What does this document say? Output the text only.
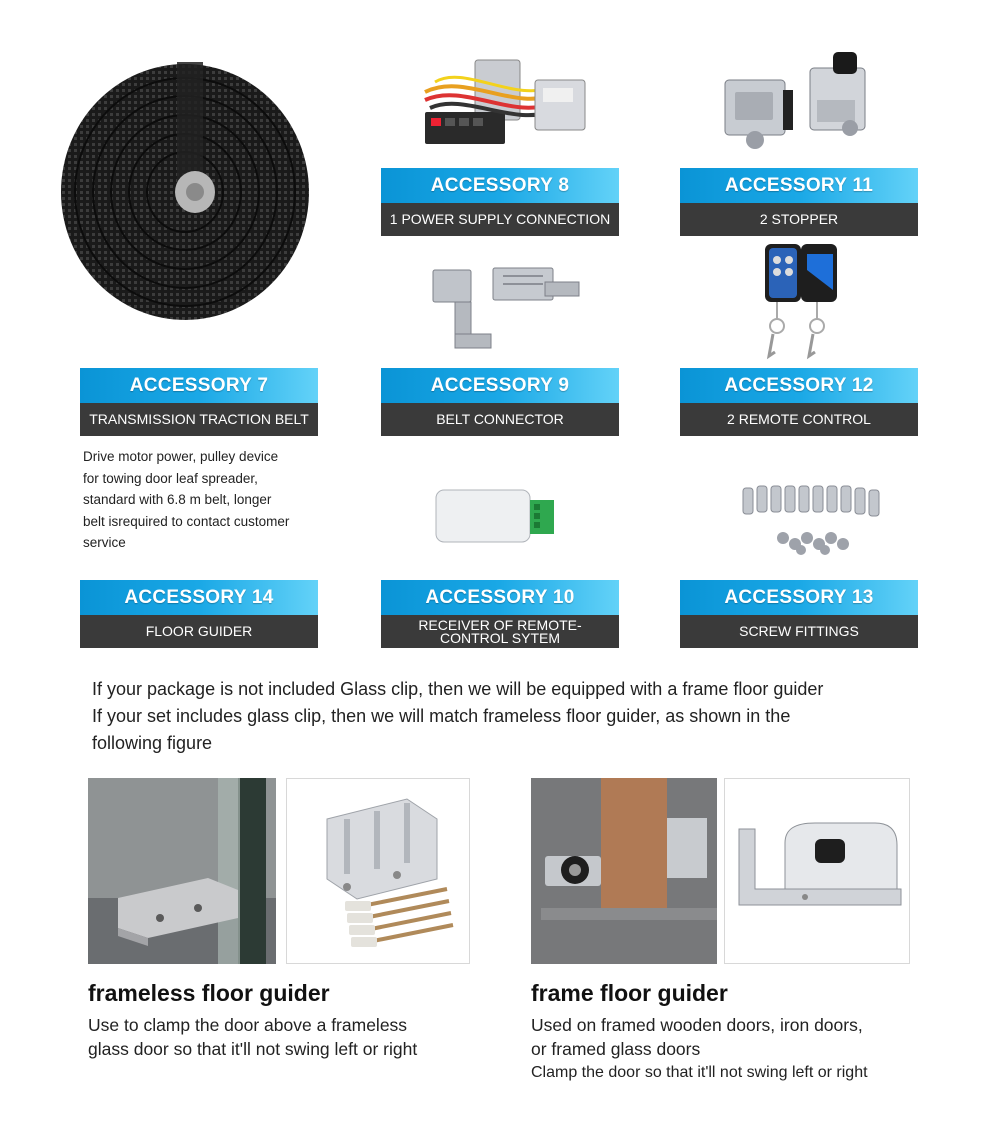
ACCESSORY 8
1 POWER SUPPLY CONNECTION
ACCESSORY 11
2 STOPPER
ACCESSORY 7
TRANSMISSION TRACTION BELT
ACCESSORY 9
BELT CONNECTOR
ACCESSORY 12
2 REMOTE CONTROL
ACCESSORY 14
FLOOR GUIDER
ACCESSORY 10
RECEIVER OF REMOTE-
CONTROL SYTEM
ACCESSORY 13
SCREW FITTINGS
Drive motor power, pulley device
for towing door leaf spreader,
standard with 6.8 m belt, longer
belt isrequired to contact customer
service
If your package is not included Glass clip, then we will be equipped with a frame floor guider
If your set includes glass clip, then we will match frameless floor guider, as shown in the
following figure
frameless floor guider
Use to clamp the door above a frameless
glass door so that it'll not swing left or right
frame floor guider
Used on framed wooden doors, iron doors,
or framed glass doors
Clamp the door so that it'll not swing left or right
